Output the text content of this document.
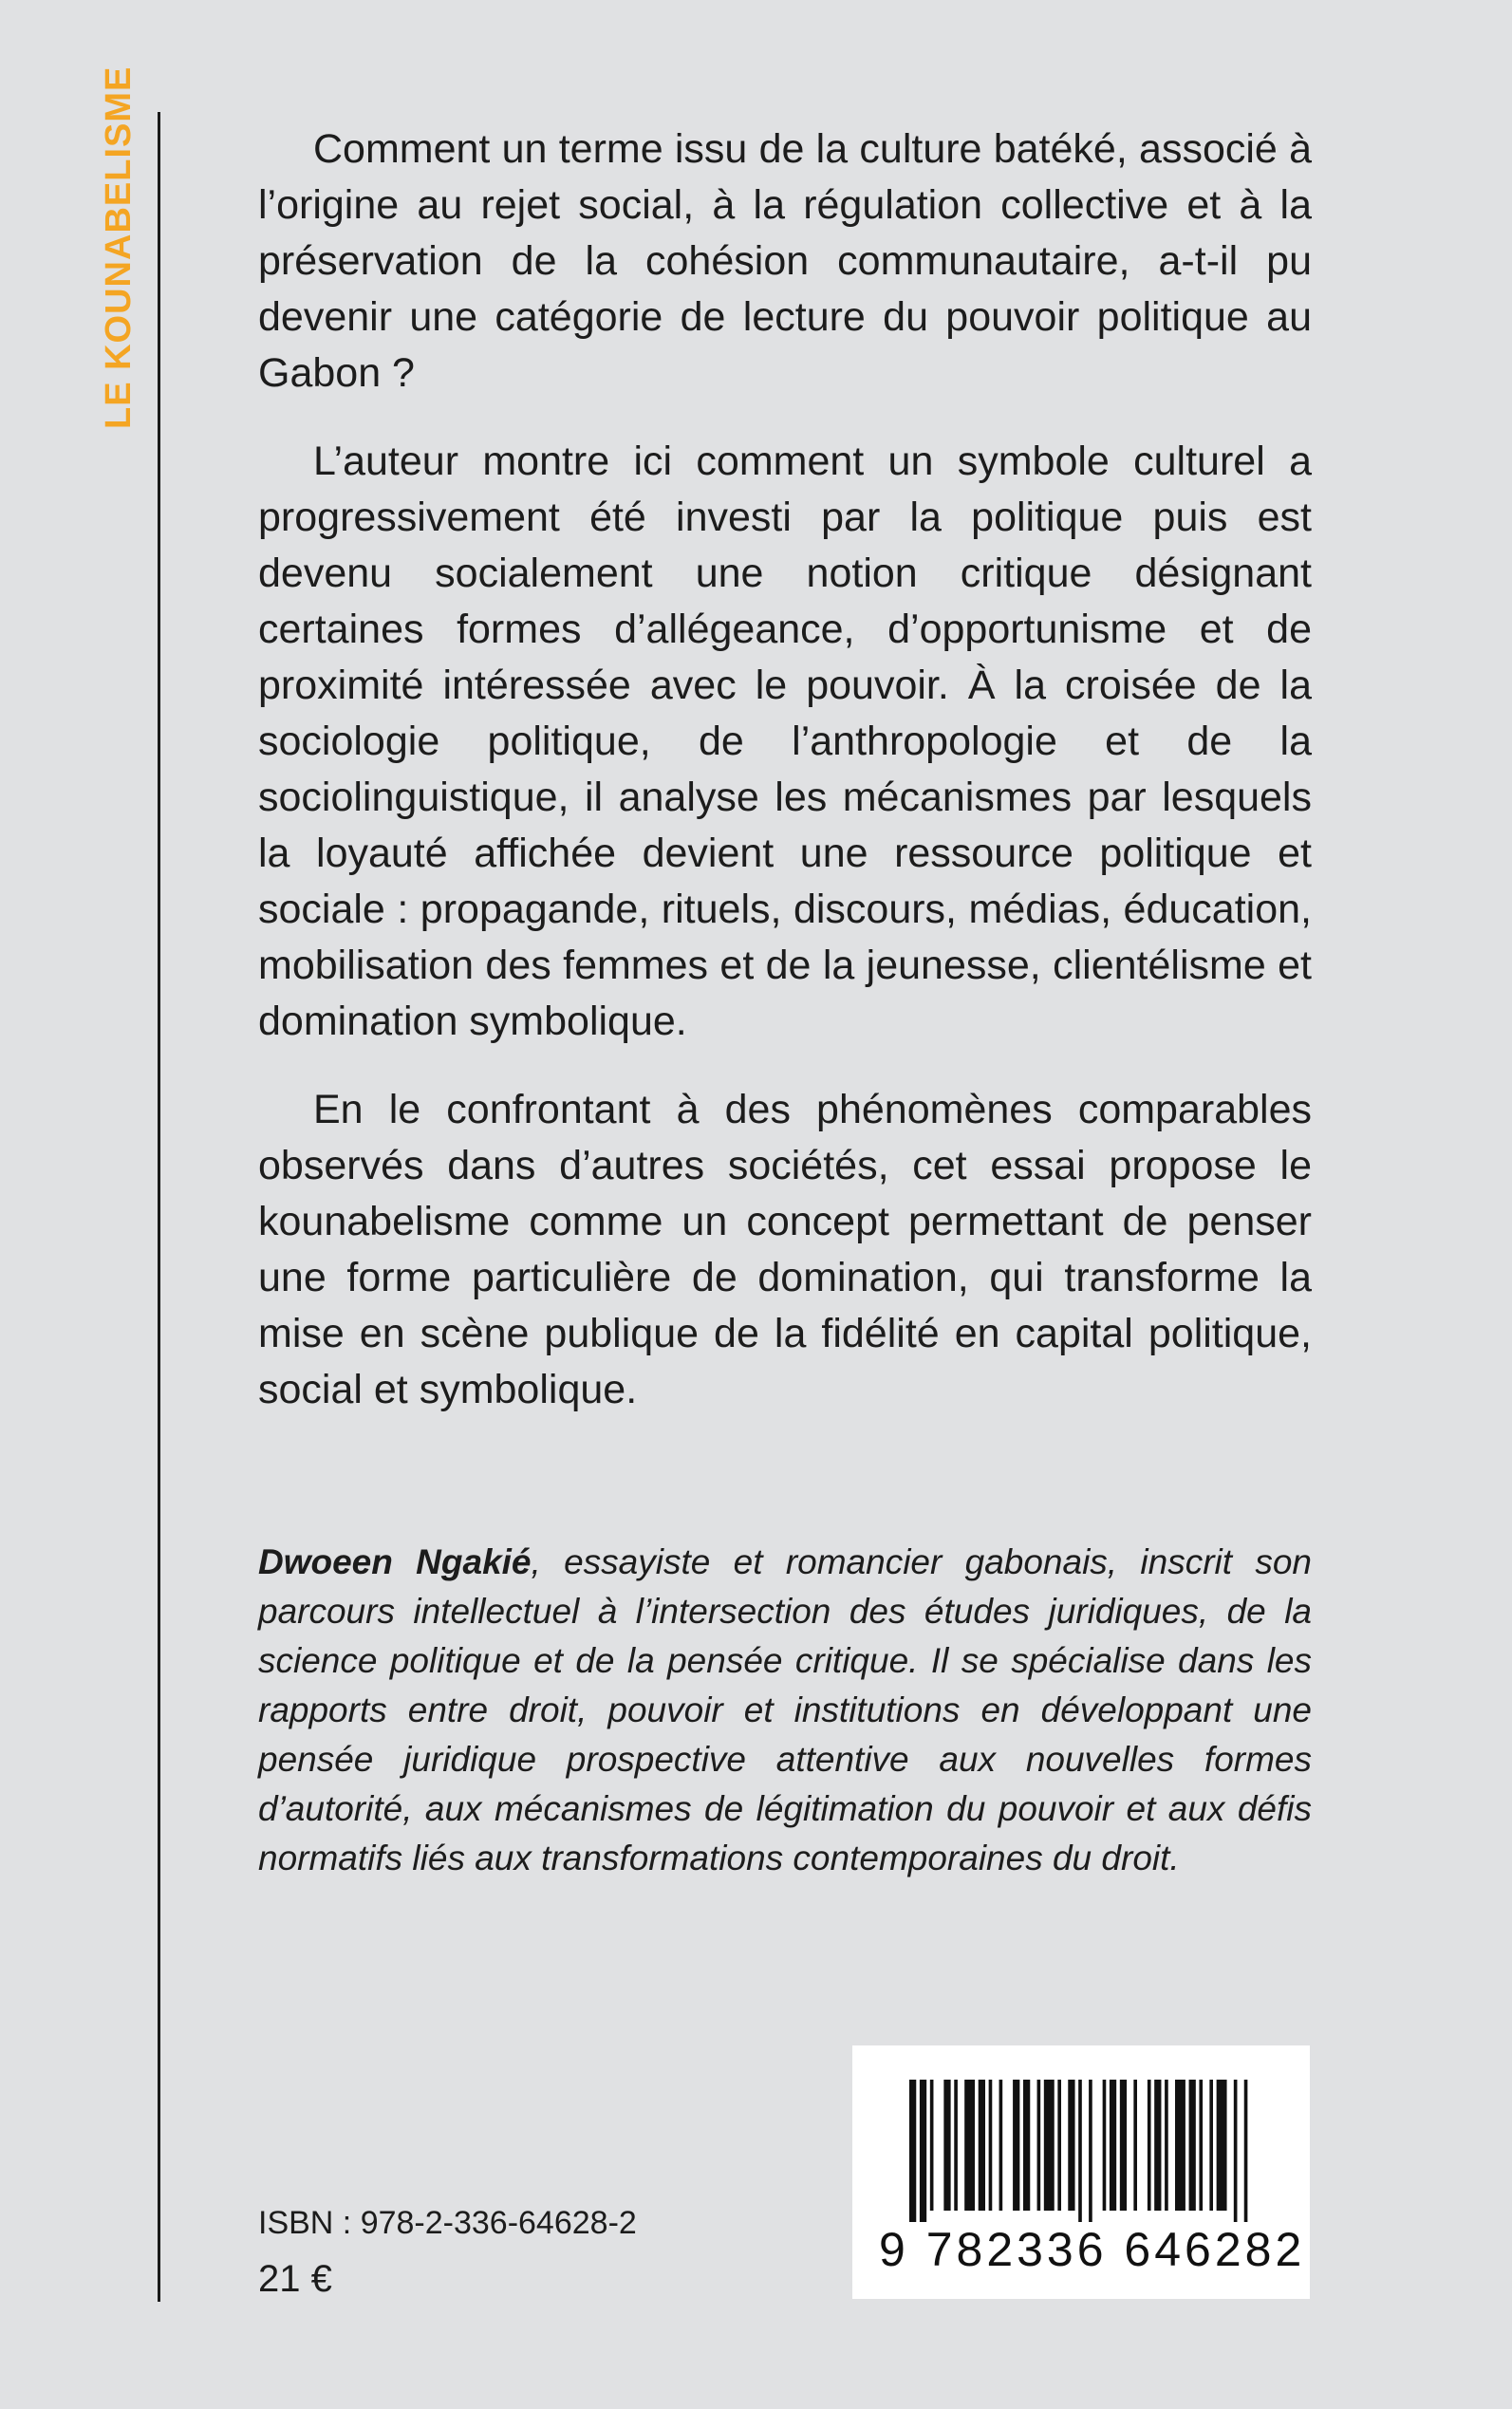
LE KOUNABELISME	Comment un terme issu de la culture batéké, associé à l’origine au rejet social, à la régulation collective et à la préservation de la cohésion communautaire, a-t-il pu devenir une catégorie de lecture du pouvoir politique au Gabon ?

L’auteur montre ici comment un symbole culturel a progressivement été investi par la politique puis est devenu socialement une notion critique désignant certaines formes d’allégeance, d’opportunisme et de proximité intéressée avec le pouvoir. À la croisée de la sociologie politique, de l’anthropologie et de la sociolinguistique, il analyse les mécanismes par lesquels la loyauté affichée devient une ressource politique et sociale : propagande, rituels, discours, médias, éducation, mobilisation des femmes et de la jeunesse, clientélisme et domination symbolique.

En le confrontant à des phénomènes comparables observés dans d’autres sociétés, cet essai propose le kounabelisme comme un concept permettant de penser une forme particulière de domination, qui transforme la mise en scène publique de la fidélité en capital politique, social et symbolique.

Dwoeen Ngakié, essayiste et romancier gabonais, inscrit son parcours intellectuel à l’intersection des études juridiques, de la science politique et de la pensée critique. Il se spécialise dans les rapports entre droit, pouvoir et institutions en développant une pensée juridique prospective attentive aux nouvelles formes d’autorité, aux mécanismes de légitimation du pouvoir et aux défis normatifs liés aux transformations contemporaines du droit.
9 782336 646282
ISBN : 978-2-336-64628-2
21 €
